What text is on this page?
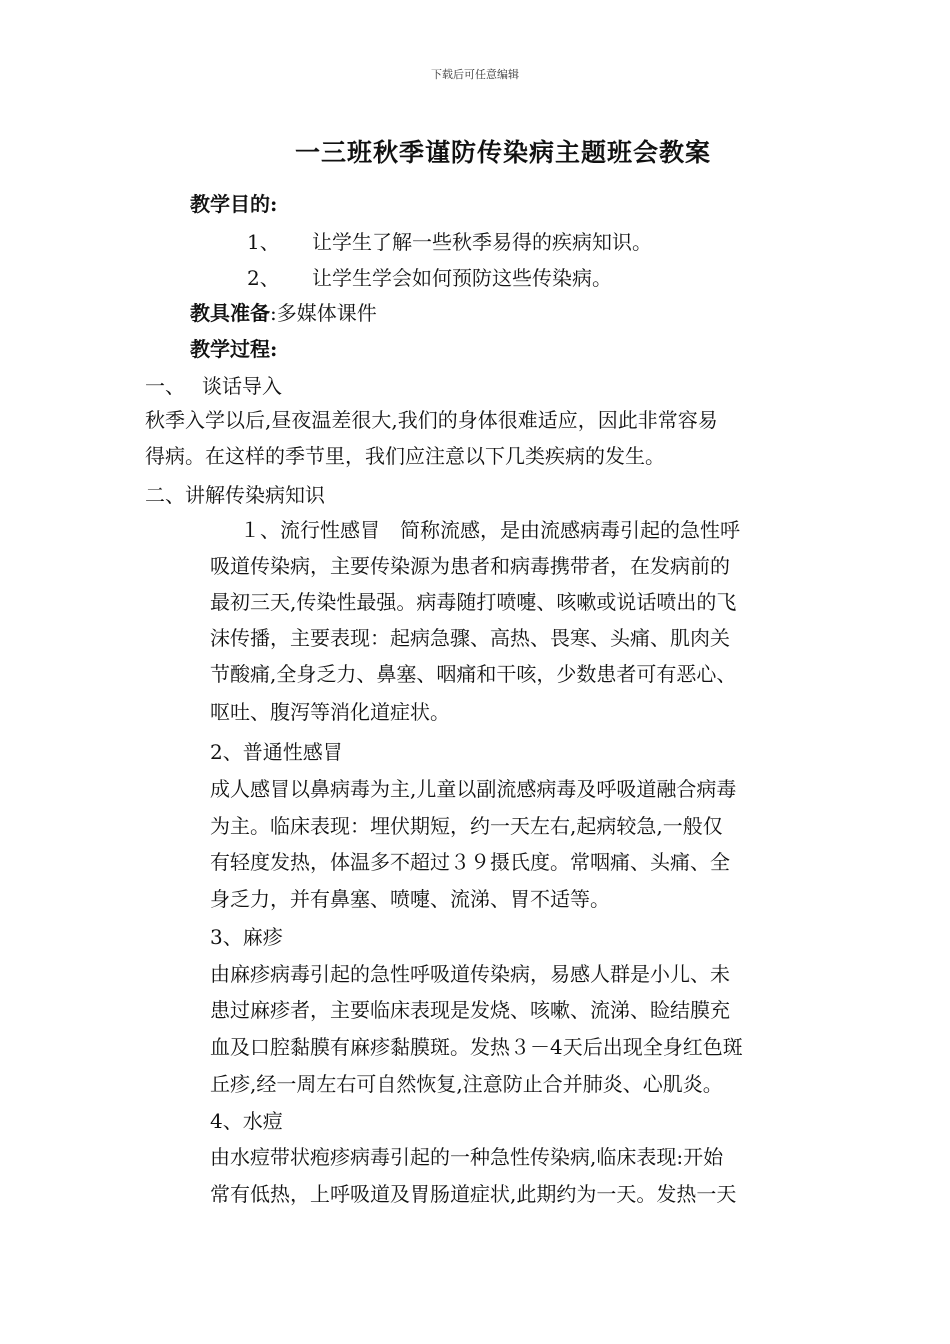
下载后可任意编辑
一三班秋季谨防传染病主题班会教案
教学目的:
1、 让学生了解一些秋季易得的疾病知识。
2、 让学生学会如何预防这些传染病。
教具准备:多媒体课件
教学过程:
一、 谈话导入
秋季入学以后,昼夜温差很大,我们的身体很难适应，因此非常容易
得病。在这样的季节里，我们应注意以下几类疾病的发生。
二、讲解传染病知识
１、流行性感冒　简称流感，是由流感病毒引起的急性呼
吸道传染病，主要传染源为患者和病毒携带者，在发病前的
最初三天,传染性最强。病毒随打喷嚏、咳嗽或说话喷出的飞
沫传播，主要表现：起病急骤、高热、畏寒、头痛、肌肉关
节酸痛,全身乏力、鼻塞、咽痛和干咳，少数患者可有恶心、
呕吐、腹泻等消化道症状。
2、普通性感冒
成人感冒以鼻病毒为主,儿童以副流感病毒及呼吸道融合病毒
为主。临床表现：埋伏期短，约一天左右,起病较急,一般仅
有轻度发热，体温多不超过３９摄氏度。常咽痛、头痛、全
身乏力，并有鼻塞、喷嚏、流涕、胃不适等。
3、麻疹
由麻疹病毒引起的急性呼吸道传染病，易感人群是小儿、未
患过麻疹者，主要临床表现是发烧、咳嗽、流涕、睑结膜充
血及口腔黏膜有麻疹黏膜斑。发热３－4天后出现全身红色斑
丘疹,经一周左右可自然恢复,注意防止合并肺炎、心肌炎。
4、水痘
由水痘带状疱疹病毒引起的一种急性传染病,临床表现:开始
常有低热，上呼吸道及胃肠道症状,此期约为一天。发热一天
